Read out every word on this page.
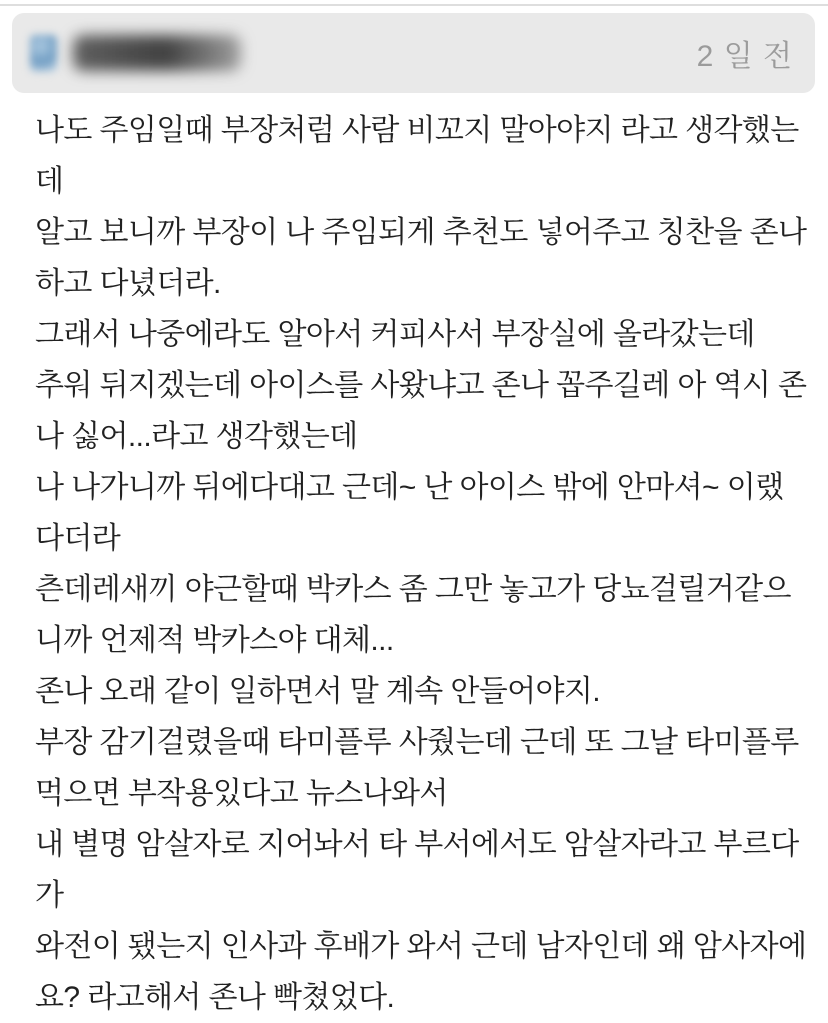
2 일 전
나도 주임일때 부장처럼 사람 비꼬지 말아야지 라고 생각했는
데
알고 보니까 부장이 나 주임되게 추천도 넣어주고 칭찬을 존나
하고 다녔더라.
그래서 나중에라도 알아서 커피사서 부장실에 올라갔는데
추워 뒤지겠는데 아이스를 사왔냐고 존나 꼽주길레 아 역시 존
나 싫어...라고 생각했는데
나 나가니까 뒤에다대고 근데~ 난 아이스 밖에 안마셔~ 이랬
다더라
츤데레새끼 야근할때 박카스 좀 그만 놓고가 당뇨걸릴거같으
니까 언제적 박카스야 대체...
존나 오래 같이 일하면서 말 계속 안들어야지.
부장 감기걸렸을때 타미플루 사줬는데 근데 또 그날 타미플루
먹으면 부작용있다고 뉴스나와서
내 별명 암살자로 지어놔서 타 부서에서도 암살자라고 부르다
가
와전이 됐는지 인사과 후배가 와서 근데 남자인데 왜 암사자에
요? 라고해서 존나 빡쳤었다.
